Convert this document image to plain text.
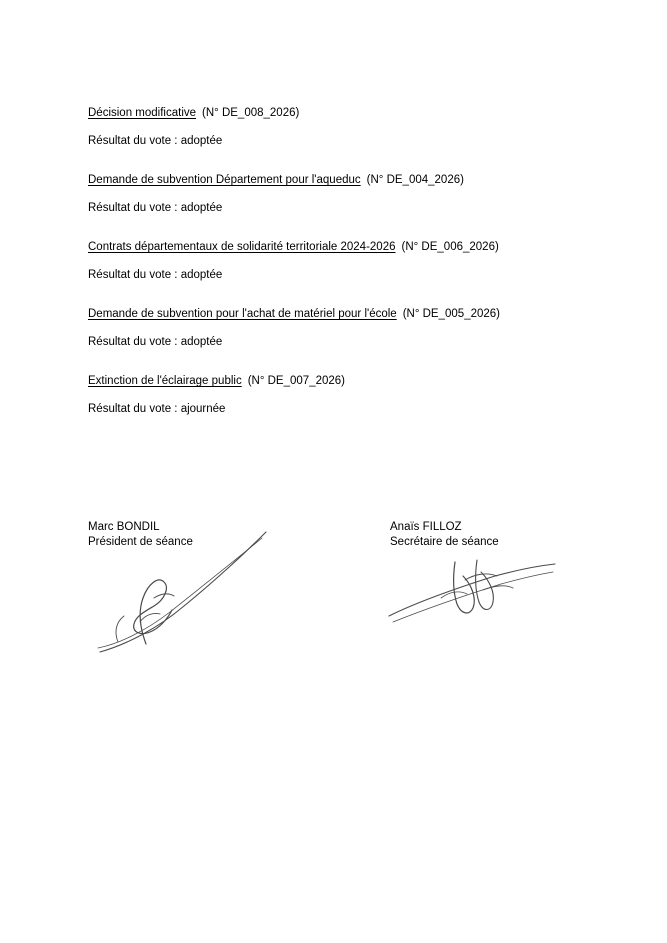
Décision modificative (N° DE_008_2026)
Résultat du vote : adoptée
Demande de subvention Département pour l'aqueduc (N° DE_004_2026)
Résultat du vote : adoptée
Contrats départementaux de solidarité territoriale 2024-2026 (N° DE_006_2026)
Résultat du vote : adoptée
Demande de subvention pour l'achat de matériel pour l'école (N° DE_005_2026)
Résultat du vote : adoptée
Extinction de l'éclairage public (N° DE_007_2026)
Résultat du vote : ajournée
Marc BONDIL
Président de séance
Anaïs FILLOZ
Secrétaire de séance
